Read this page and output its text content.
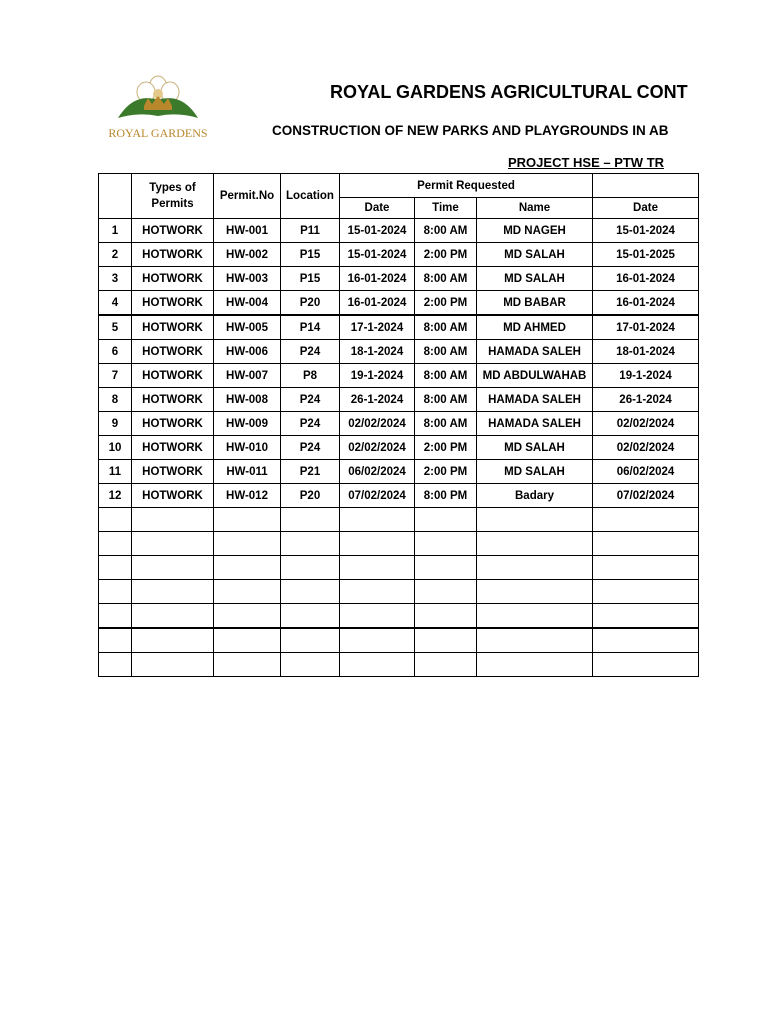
ROYAL GARDENS
ROYAL GARDENS AGRICULTURAL CONT
CONSTRUCTION OF NEW PARKS AND PLAYGROUNDS IN AB
PROJECT HSE – PTW TR

	Types of
Permits	Permit.No	Location	Permit Requested			
				Date	Time	Name	Date
1	HOTWORK	HW-001	P11	15-01-2024	8:00 AM	MD NAGEH	15-01-2024
2	HOTWORK	HW-002	P15	15-01-2024	2:00 PM	MD SALAH	15-01-2025
3	HOTWORK	HW-003	P15	16-01-2024	8:00 AM	MD SALAH	16-01-2024
4	HOTWORK	HW-004	P20	16-01-2024	2:00 PM	MD BABAR	16-01-2024
5	HOTWORK	HW-005	P14	17-1-2024	8:00 AM	MD AHMED	17-01-2024
6	HOTWORK	HW-006	P24	18-1-2024	8:00 AM	HAMADA SALEH	18-01-2024
7	HOTWORK	HW-007	P8	19-1-2024	8:00 AM	MD ABDULWAHAB	19-1-2024
8	HOTWORK	HW-008	P24	26-1-2024	8:00 AM	HAMADA SALEH	26-1-2024
9	HOTWORK	HW-009	P24	02/02/2024	8:00 AM	HAMADA SALEH	02/02/2024
10	HOTWORK	HW-010	P24	02/02/2024	2:00 PM	MD SALAH	02/02/2024
11	HOTWORK	HW-011	P21	06/02/2024	2:00 PM	MD SALAH	06/02/2024
12	HOTWORK	HW-012	P20	07/02/2024	8:00 PM	Badary	07/02/2024
